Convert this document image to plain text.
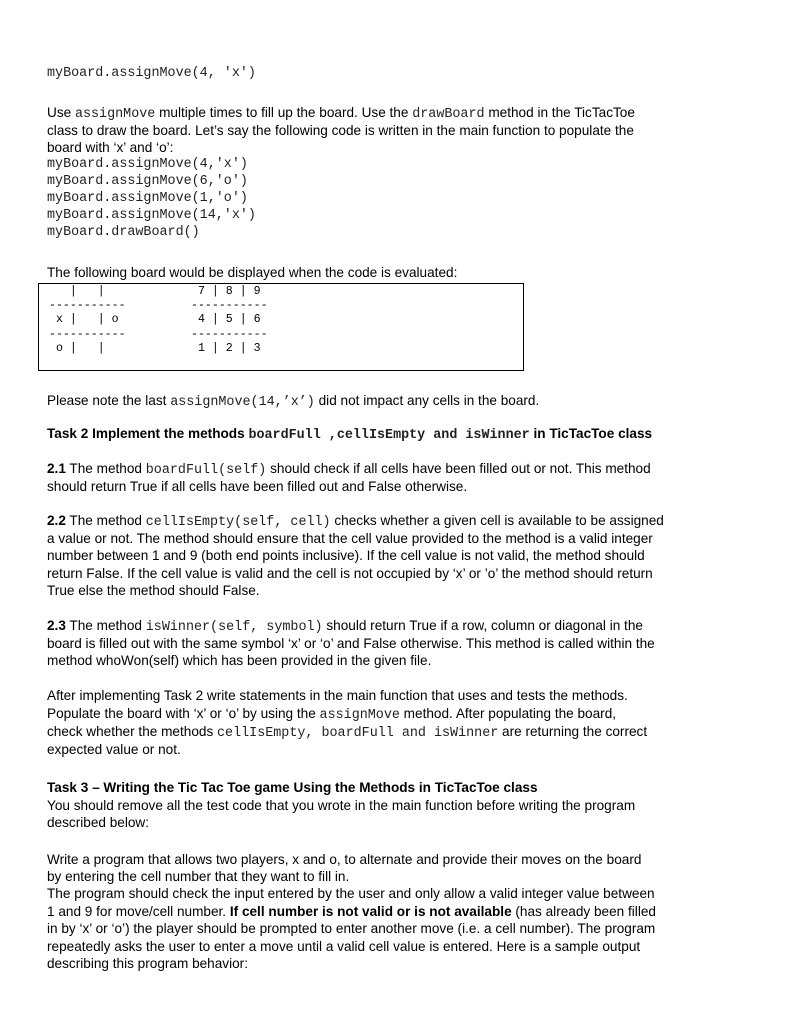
myBoard.assignMove(4, 'x')
Use assignMove multiple times to fill up the board. Use the drawBoard method in the TicTacToe
class to draw the board. Let’s say the following code is written in the main function to populate the
board with ‘x’ and ‘o’:
myBoard.assignMove(4,'x')
myBoard.assignMove(6,'o')
myBoard.assignMove(1,'o')
myBoard.assignMove(14,'x')
myBoard.drawBoard()
The following board would be displayed when the code is evaluated:
Please note the last assignMove(14,’x’) did not impact any cells in the board.
Task 2 Implement the methods boardFull ,cellIsEmpty and isWinner in TicTacToe class
2.1 The method boardFull(self) should check if all cells have been filled out or not. This method
should return True if all cells have been filled out and False otherwise.
2.2 The method cellIsEmpty(self, cell) checks whether a given cell is available to be assigned
a value or not. The method should ensure that the cell value provided to the method is a valid integer
number between 1 and 9 (both end points inclusive). If the cell value is not valid, the method should
return False. If the cell value is valid and the cell is not occupied by ‘x’ or ’o’ the method should return
True else the method should False.
2.3 The method isWinner(self, symbol) should return True if a row, column or diagonal in the
board is filled out with the same symbol ‘x’ or ‘o’ and False otherwise. This method is called within the
method whoWon(self) which has been provided in the given file.
After implementing Task 2 write statements in the main function that uses and tests the methods.
Populate the board with ‘x’ or ‘o’ by using the assignMove method. After populating the board,
check whether the methods cellIsEmpty, boardFull and isWinner are returning the correct
expected value or not.
Task 3 – Writing the Tic Tac Toe game Using the Methods in TicTacToe class
You should remove all the test code that you wrote in the main function before writing the program
described below:
Write a program that allows two players, x and o, to alternate and provide their moves on the board
by entering the cell number that they want to fill in.
The program should check the input entered by the user and only allow a valid integer value between
1 and 9 for move/cell number. If cell number is not valid or is not available (has already been filled
in by ‘x’ or ‘o’) the player should be prompted to enter another move (i.e. a cell number). The program
repeatedly asks the user to enter a move until a valid cell value is entered. Here is a sample output
describing this program behavior:
|   |
-----------
x |   | o
-----------
o |   |
7 | 8 | 9
-----------
4 | 5 | 6
-----------
1 | 2 | 3
